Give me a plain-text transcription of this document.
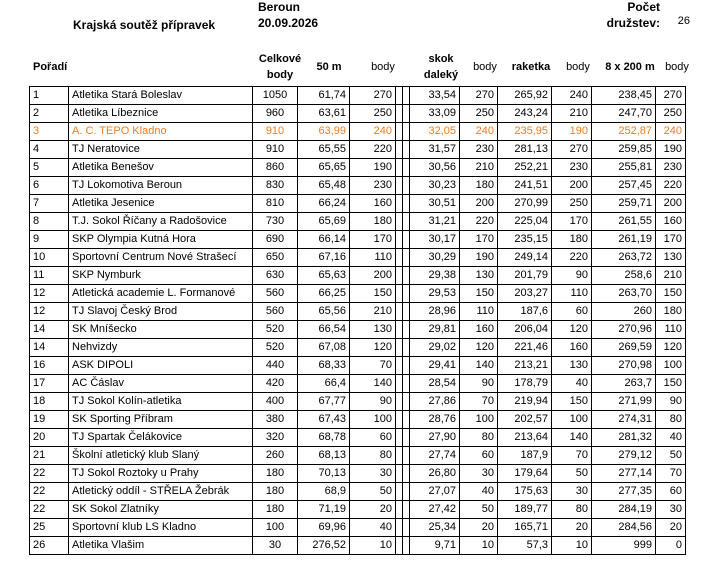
Krajská soutěž přípravek
Beroun
20.09.2026
Počet
družstev:	26
Pořadí
Celkové
body
50 m	body
skok
daleký
body	raketka	body	8 x 200 m body
1	Atletika Stará Boleslav	1050	61,74	270			33,54	270	265,92	240	238,45	270
2	Atletika Líbeznice	960	63,61	250			33,09	250	243,24	210	247,70	250
3	A. C. TEPO Kladno	910	63,99	240			32,05	240	235,95	190	252,87	240
4	TJ Neratovice	910	65,55	220			31,57	230	281,13	270	259,85	190
5	Atletika Benešov	860	65,65	190			30,56	210	252,21	230	255,81	230
6	TJ Lokomotiva Beroun	830	65,48	230			30,23	180	241,51	200	257,45	220
7	Atletika Jesenice	810	66,24	160			30,51	200	270,99	250	259,71	200
8	T.J. Sokol Říčany a Radošovice	730	65,69	180			31,21	220	225,04	170	261,55	160
9	SKP Olympia Kutná Hora	690	66,14	170			30,17	170	235,15	180	261,19	170
10	Sportovní Centrum Nové Strašecí	650	67,16	110			30,29	190	249,14	220	263,72	130
11	SKP Nymburk	630	65,63	200			29,38	130	201,79	90	258,6	210
12	Atletická academie L. Formanové	560	66,25	150			29,53	150	203,27	110	263,70	150
12	TJ Slavoj Český Brod	560	65,56	210			28,96	110	187,6	60	260	180
14	SK Mníšecko	520	66,54	130			29,81	160	206,04	120	270,96	110
14	Nehvizdy	520	67,08	120			29,02	120	221,46	160	269,59	120
16	ASK DIPOLI	440	68,33	70			29,41	140	213,21	130	270,98	100
17	AC Čáslav	420	66,4	140			28,54	90	178,79	40	263,7	150
18	TJ Sokol Kolín-atletika	400	67,77	90			27,86	70	219,94	150	271,99	90
19	SK Sporting Příbram	380	67,43	100			28,76	100	202,57	100	274,31	80
20	TJ Spartak Čelákovice	320	68,78	60			27,90	80	213,64	140	281,32	40
21	Školní atletický klub Slaný	260	68,13	80			27,74	60	187,9	70	279,12	50
22	TJ Sokol Roztoky u Prahy	180	70,13	30			26,80	30	179,64	50	277,14	70
22	Atletický oddíl - STŘELA Žebrák	180	68,9	50			27,07	40	175,63	30	277,35	60
22	SK Sokol Zlatníky	180	71,19	20			27,42	50	189,77	80	284,19	30
25	Sportovní klub LS Kladno	100	69,96	40			25,34	20	165,71	20	284,56	20
26	Atletika Vlašim	30	276,52	10			9,71	10	57,3	10	999	0
